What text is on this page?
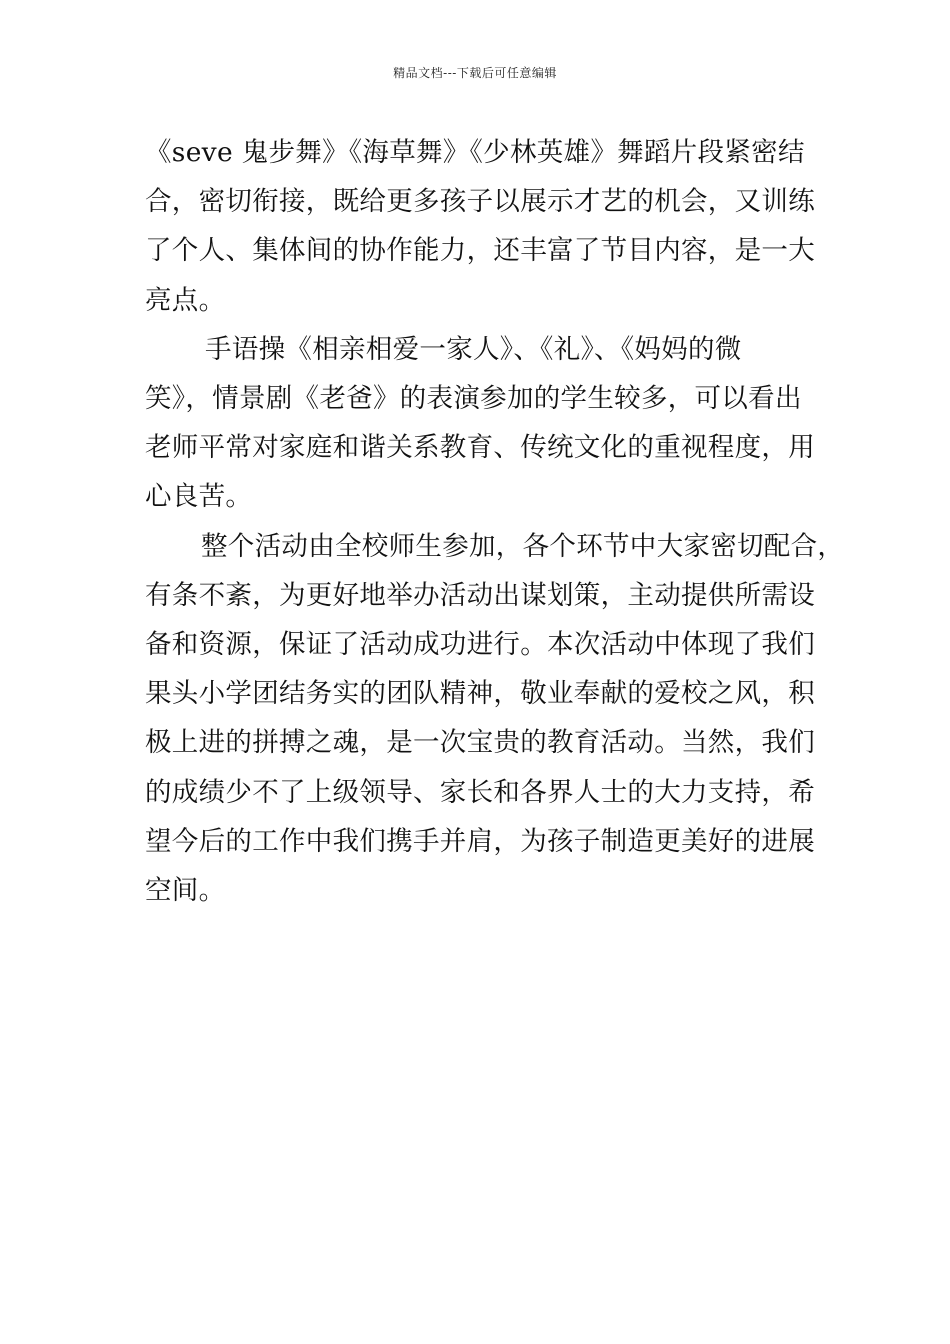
精品文档---下载后可任意编辑

《seve 鬼步舞》《海草舞》《少林英雄》舞蹈片段紧密结
合，密切衔接，既给更多孩子以展示才艺的机会，又训练
了个人、集体间的协作能力，还丰富了节目内容，是一大
亮点。

手语操《相亲相爱一家人》、《礼》、《妈妈的微

笑》，情景剧《老爸》的表演参加的学生较多，可以看出
老师平常对家庭和谐关系教育、传统文化的重视程度，用
心良苦。

整个活动由全校师生参加，各个环节中大家密切配合，

有条不紊，为更好地举办活动出谋划策，主动提供所需设
备和资源，保证了活动成功进行。本次活动中体现了我们
果头小学团结务实的团队精神，敬业奉献的爱校之风，积
极上进的拼搏之魂，是一次宝贵的教育活动。当然，我们
的成绩少不了上级领导、家长和各界人士的大力支持，希
望今后的工作中我们携手并肩，为孩子制造更美好的进展
空间。
